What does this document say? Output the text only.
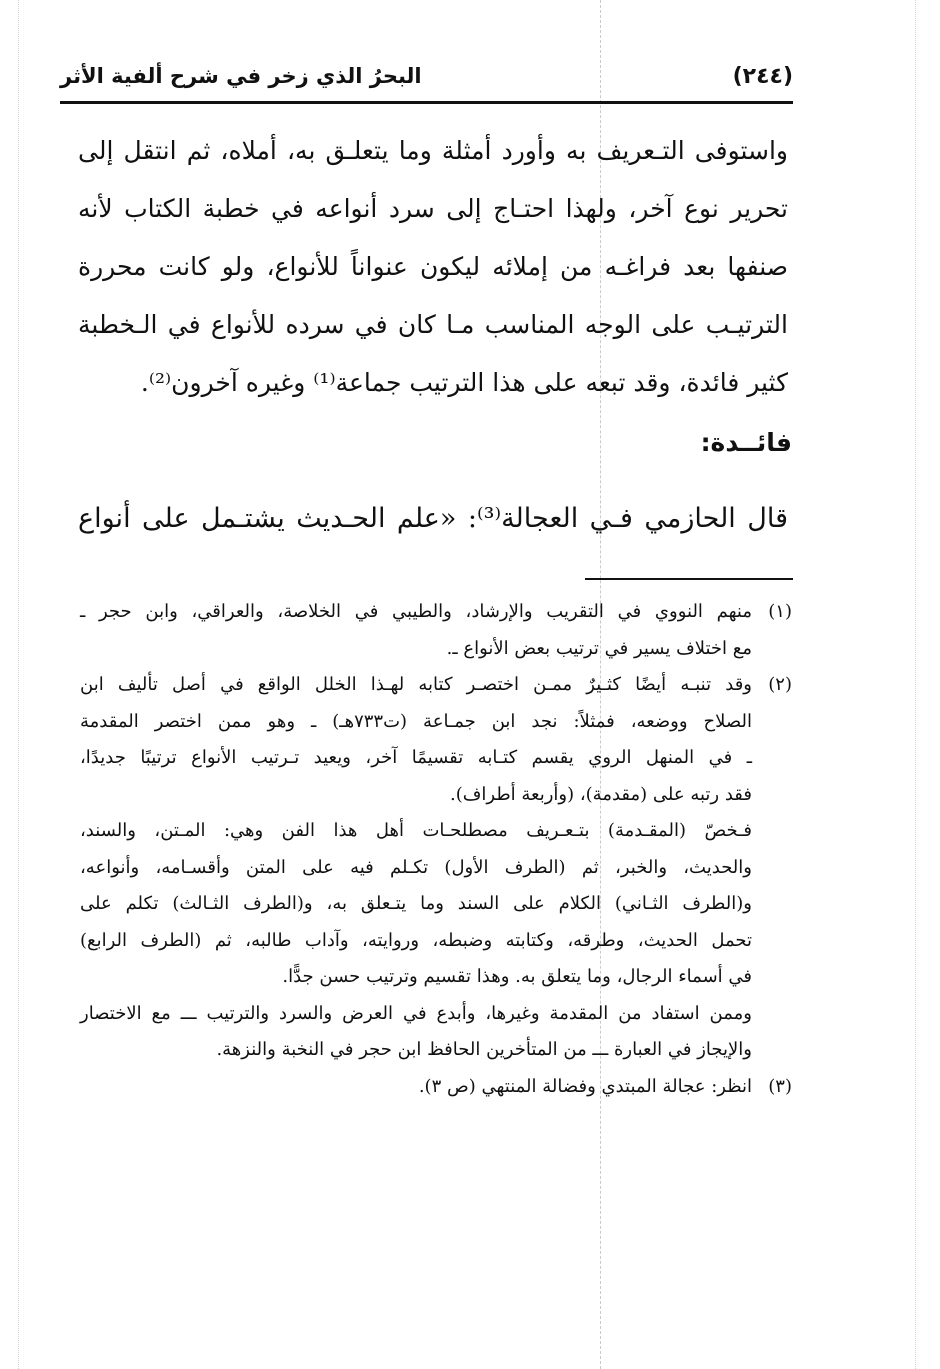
(٢٤٤)
البحرُ الذي زخر في شرح ألفية الأثر

واستوفى التـعريف به وأورد أمثلة وما يتعلـق به، أملاه، ثم انتقل إلى

تحرير نوع آخر، ولهذا احتـاج إلى سرد أنواعه في خطبة الكتاب لأنه

صنفها بعد فراغـه من إملائه ليكون عنواناً للأنواع، ولو كانت محررة

الترتيـب على الوجه المناسب مـا كان في سرده للأنواع في الـخطبة

كثير فائدة، وقد تبعه على هذا الترتيب جماعة⁽¹⁾ وغيره آخرون⁽²⁾.

فائــدة:
قال الحازمي فـي العجالة⁽³⁾: «علم الحـديث يشتـمل على أنواع
(١)
منهم النووي في التقريب والإرشاد، والطيبي في الخلاصة، والعراقي، وابن حجر ـ
مع اختلاف يسير في ترتيب بعض الأنواع ـ.
(٢)
وقد تنبـه أيضًا كثـيرٌ ممـن اختصـر كتابه لهـذا الخلل الواقع في أصل تأليف ابن
الصلاح ووضعه، فمثلاً: نجد ابن جمـاعة (ت٧٣٣هـ) ـ وهو ممن اختصر المقدمة
ـ في المنهل الروي يقسم كتـابه تقسيمًا آخر، ويعيد تـرتيب الأنواع ترتيبًا جديدًا،
فقد رتبه على (مقدمة)، (وأربعة أطراف).
فـخصّ (المقـدمة) بتـعـريف مصطلحـات أهل هذا الفن وهي: المـتن، والسند،
والحديث، والخبر، ثم (الطرف الأول) تكـلم فيه على المتن وأقسـامه، وأنواعه،
و(الطرف الثـاني) الكلام على السند وما يتـعلق به، و(الطرف الثـالث) تكلم على
تحمل الحديث، وطرقه، وكتابته وضبطه، وروايته، وآداب طالبه، ثم (الطرف الرابع)
في أسماء الرجال، وما يتعلق به. وهذا تقسيم وترتيب حسن جدًّا.
وممن استفاد من المقدمة وغيرها، وأبدع في العرض والسرد والترتيب ـــ مع الاختصار
والإيجاز في العبارة ـــ من المتأخرين الحافظ ابن حجر في النخبة والنزهة.
(٣)
انظر: عجالة المبتدي وفضالة المنتهي (ص ٣).
